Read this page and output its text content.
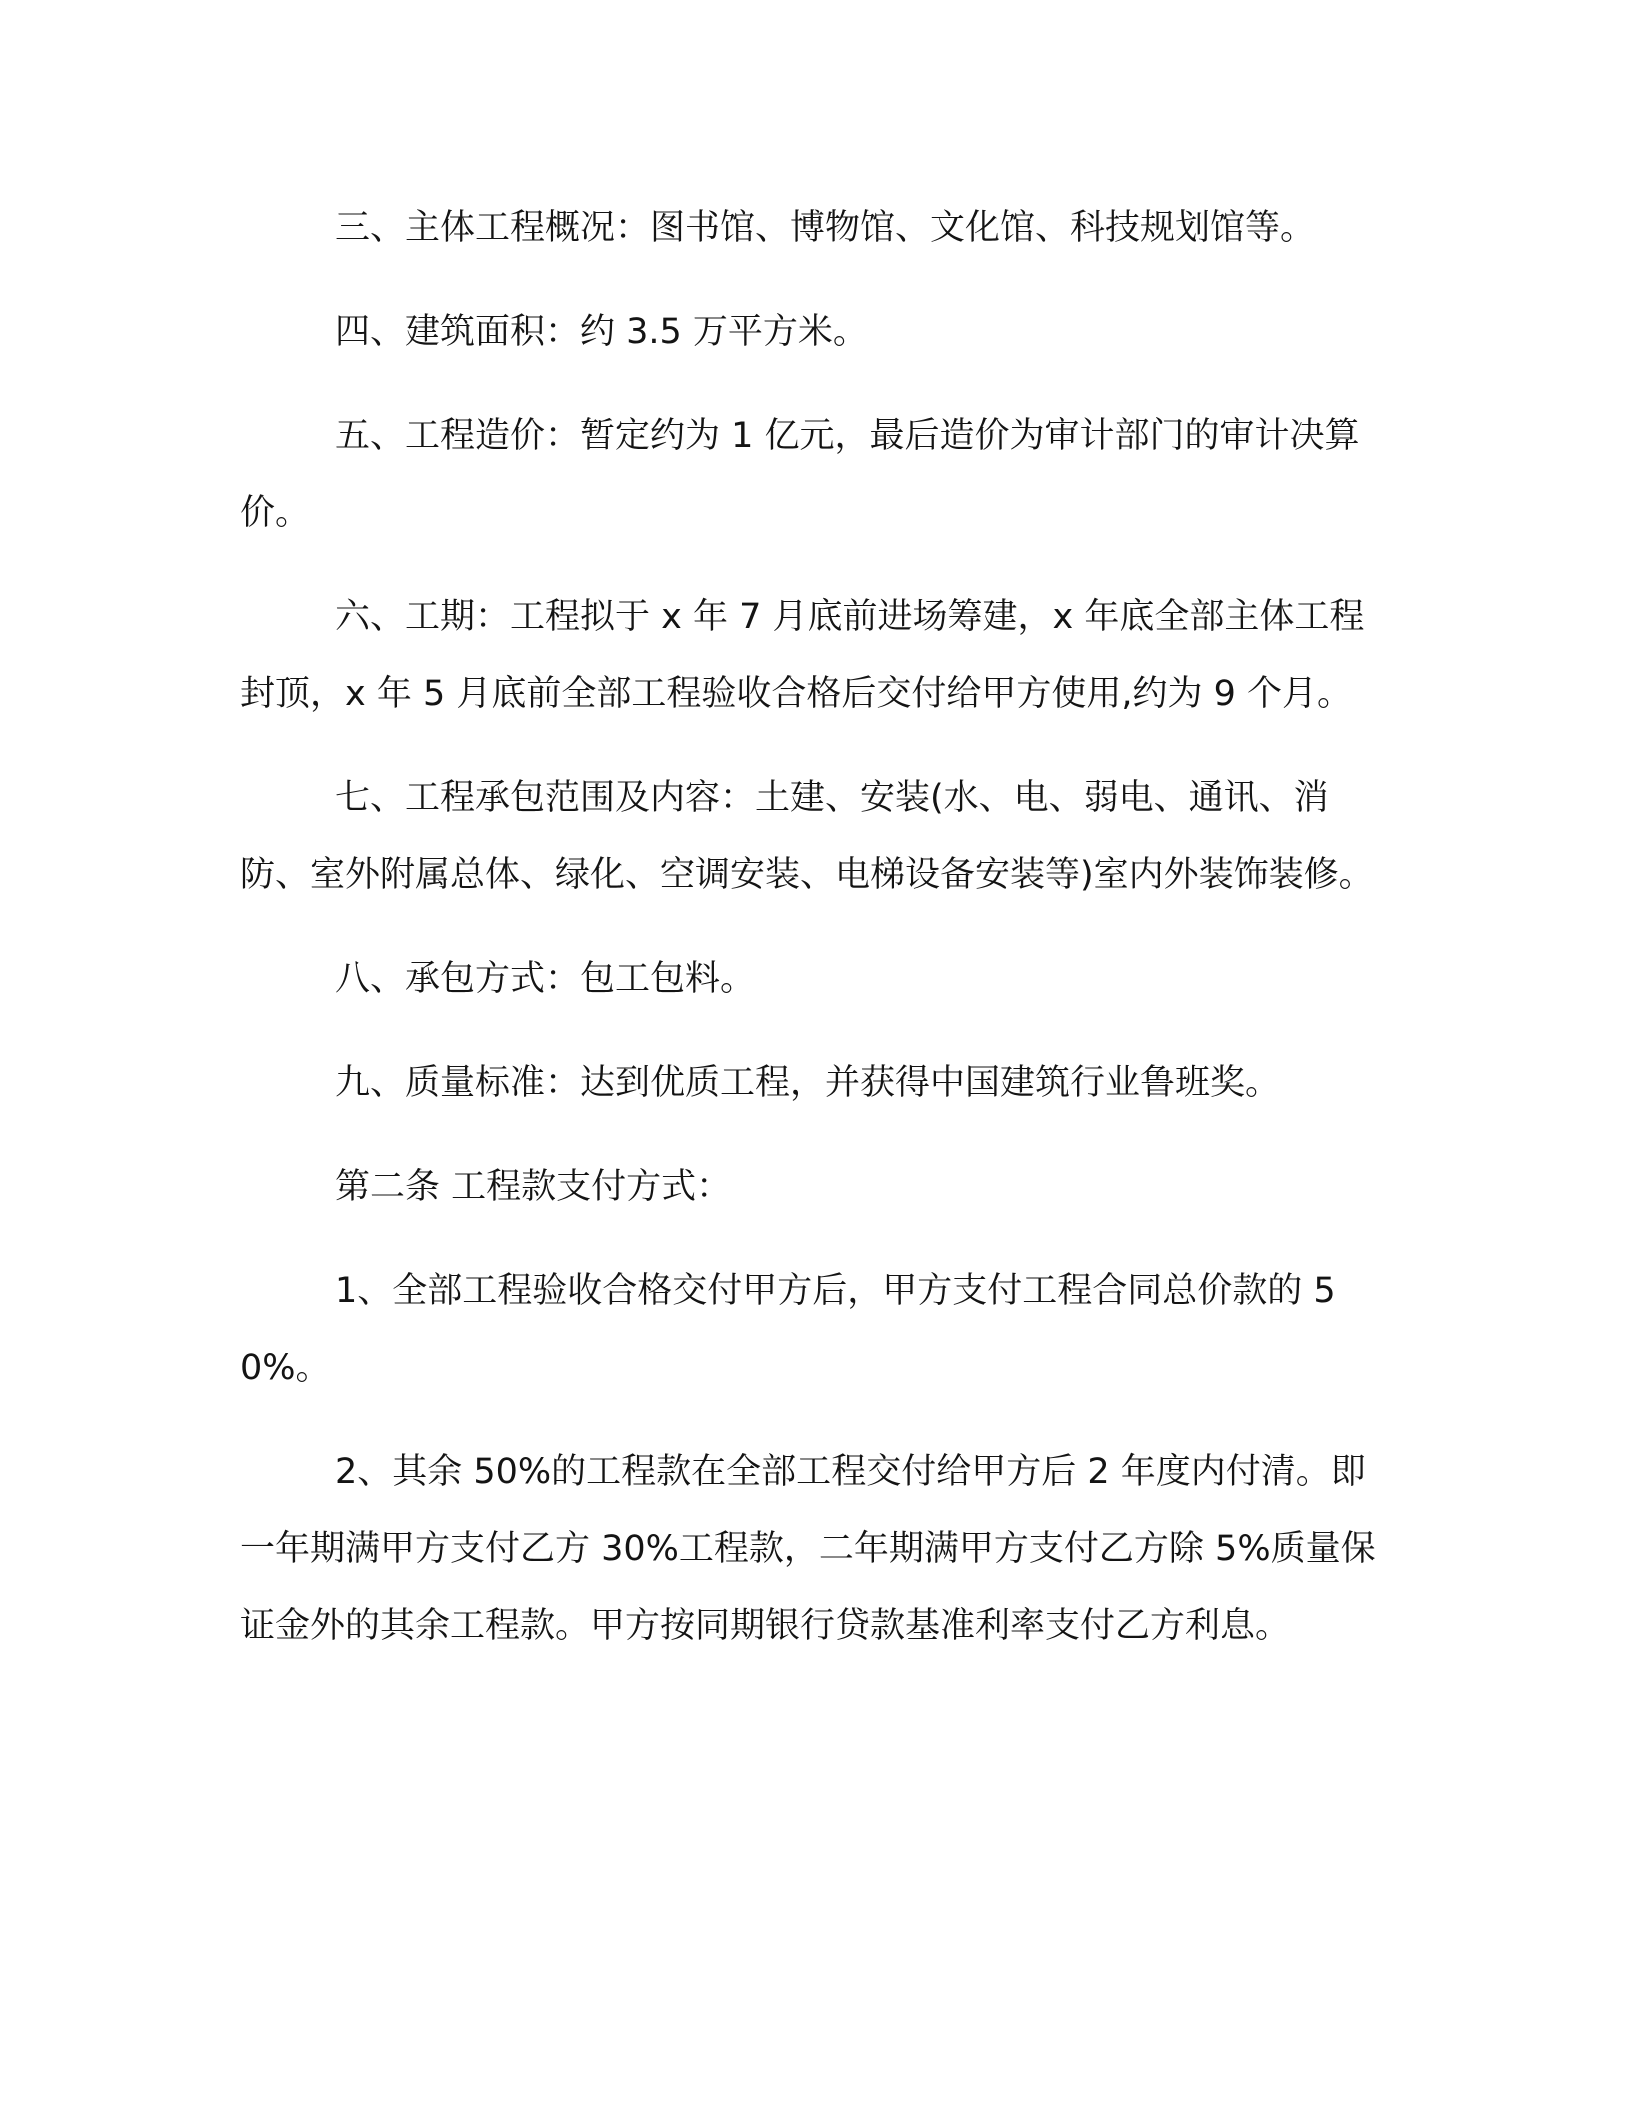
三、主体工程概况：图书馆、博物馆、文化馆、科技规划馆等。

四、建筑面积：约 3.5 万平方米。

五、工程造价：暂定约为 1 亿元，最后造价为审计部门的审计决算价。

六、工期：工程拟于 x 年 7 月底前进场筹建，x 年底全部主体工程封顶，x 年 5 月底前全部工程验收合格后交付给甲方使用,约为 9 个月。

七、工程承包范围及内容：土建、安装(水、电、弱电、通讯、消防、室外附属总体、绿化、空调安装、电梯设备安装等)室内外装饰装修。

八、承包方式：包工包料。

九、质量标准：达到优质工程，并获得中国建筑行业鲁班奖。

第二条 工程款支付方式：

1、全部工程验收合格交付甲方后，甲方支付工程合同总价款的 50%。

2、其余 50%的工程款在全部工程交付给甲方后 2 年度内付清。即一年期满甲方支付乙方 30%工程款，二年期满甲方支付乙方除 5%质量保证金外的其余工程款。甲方按同期银行贷款基准利率支付乙方利息。
